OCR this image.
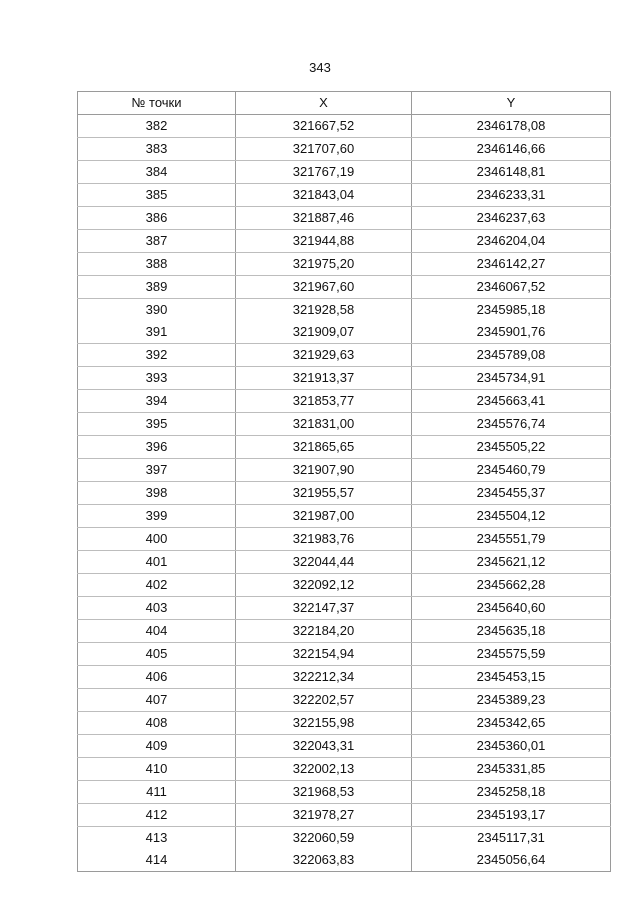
343
№ точки	X	Y
382	321667,52	2346178,08
383	321707,60	2346146,66
384	321767,19	2346148,81
385	321843,04	2346233,31
386	321887,46	2346237,63
387	321944,88	2346204,04
388	321975,20	2346142,27
389	321967,60	2346067,52
390	321928,58	2345985,18
391	321909,07	2345901,76
392	321929,63	2345789,08
393	321913,37	2345734,91
394	321853,77	2345663,41
395	321831,00	2345576,74
396	321865,65	2345505,22
397	321907,90	2345460,79
398	321955,57	2345455,37
399	321987,00	2345504,12
400	321983,76	2345551,79
401	322044,44	2345621,12
402	322092,12	2345662,28
403	322147,37	2345640,60
404	322184,20	2345635,18
405	322154,94	2345575,59
406	322212,34	2345453,15
407	322202,57	2345389,23
408	322155,98	2345342,65
409	322043,31	2345360,01
410	322002,13	2345331,85
411	321968,53	2345258,18
412	321978,27	2345193,17
413	322060,59	2345117,31
414	322063,83	2345056,64
